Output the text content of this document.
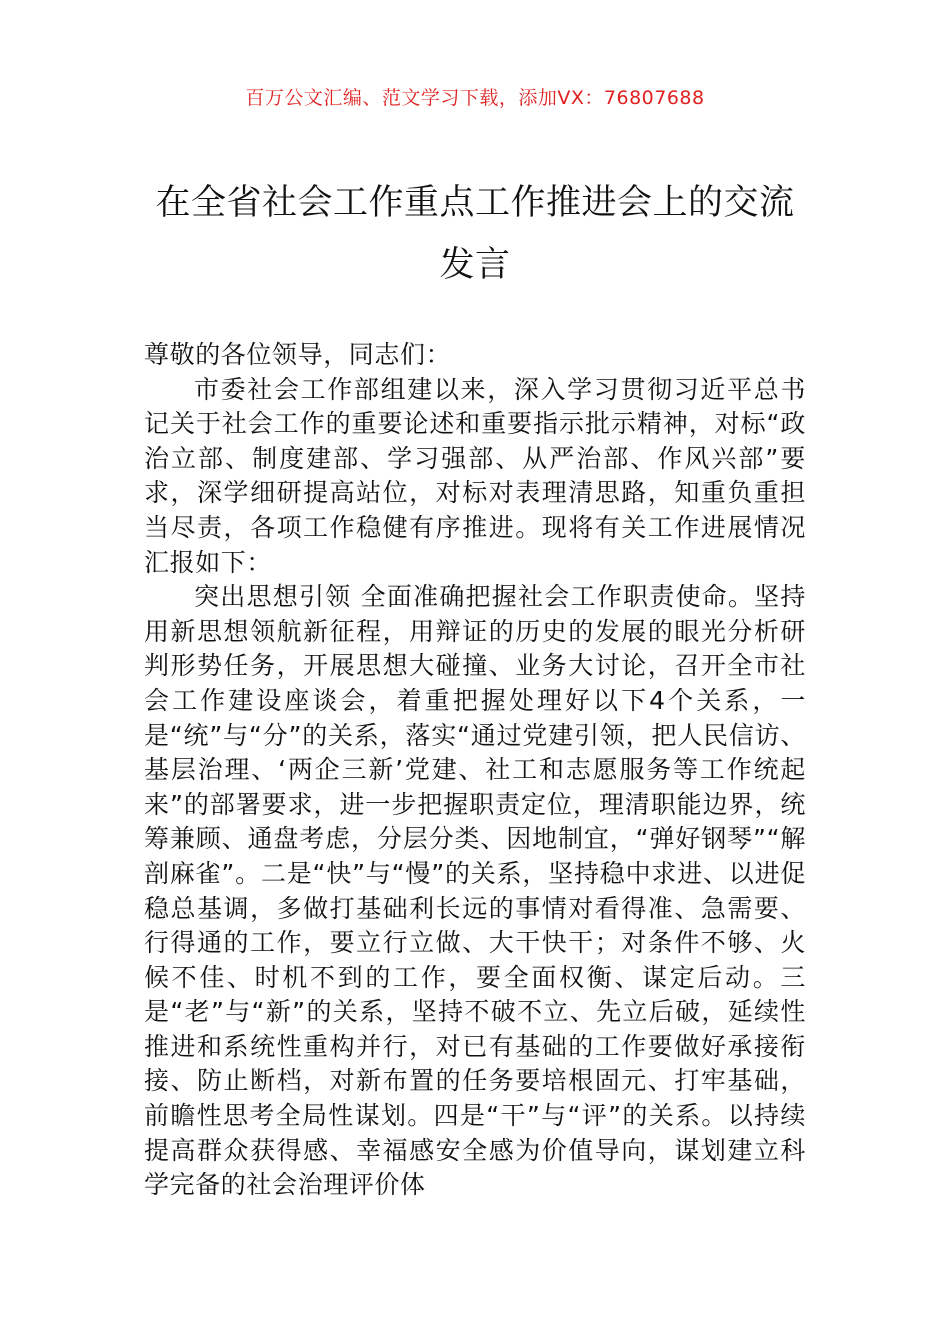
百万公文汇编、范文学习下载，添加VX：76807688
在全省社会工作重点工作推进会上的交流
发言

尊敬的各位领导，同志们：

市委社会工作部组建以来，深入学习贯彻习近平总书记关于社会工作的重要论述和重要指示批示精神，对标“政治立部、制度建部、学习强部、从严治部、作风兴部”要求，深学细研提高站位，对标对表理清思路，知重负重担当尽责，各项工作稳健有序推进。现将有关工作进展情况汇报如下：

突出思想引领 全面准确把握社会工作职责使命。坚持用新思想领航新征程，用辩证的历史的发展的眼光分析研判形势任务，开展思想大碰撞、业务大讨论，召开全市社会工作建设座谈会，着重把握处理好以下4个关系，一是“统”与“分”的关系，落实“通过党建引领，把人民信访、基层治理、‘两企三新’党建、社工和志愿服务等工作统起来”的部署要求，进一步把握职责定位，理清职能边界，统筹兼顾、通盘考虑，分层分类、因地制宜，“弹好钢琴”“解剖麻雀”。二是“快”与“慢”的关系，坚持稳中求进、以进促稳总基调，多做打基础利长远的事情对看得准、急需要、行得通的工作，要立行立做、大干快干；对条件不够、火候不佳、时机不到的工作，要全面权衡、谋定后动。三是“老”与“新”的关系，坚持不破不立、先立后破，延续性推进和系统性重构并行，对已有基础的工作要做好承接衔接、防止断档，对新布置的任务要培根固元、打牢基础，前瞻性思考全局性谋划。四是“干”与“评”的关系。以持续提高群众获得感、幸福感安全感为价值导向，谋划建立科学完备的社会治理评价体
